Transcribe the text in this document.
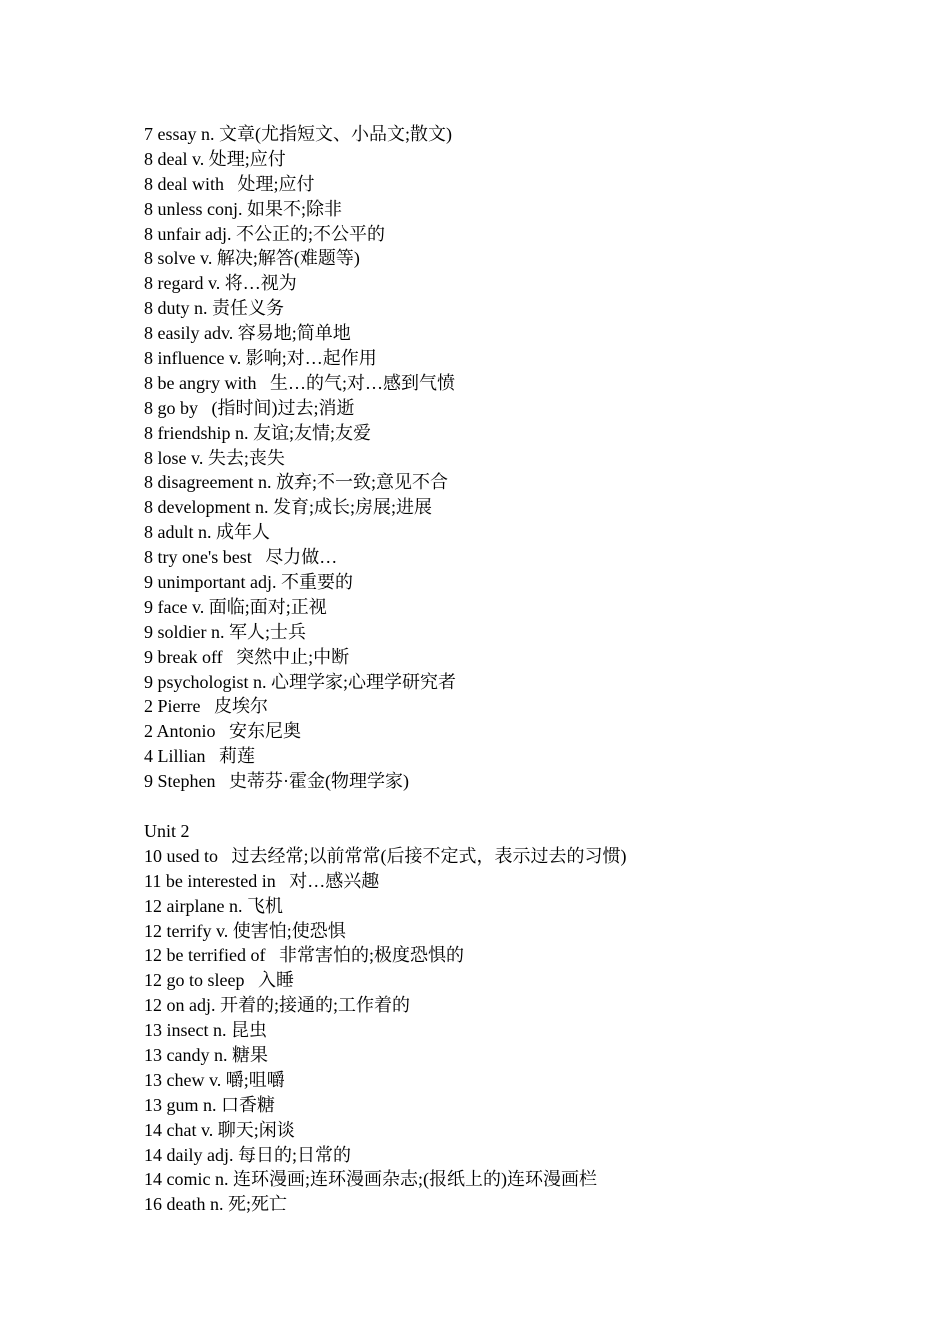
7 essay n. 文章(尤指短文、小品文;散文)
8 deal v. 处理;应付
8 deal with   处理;应付
8 unless conj. 如果不;除非
8 unfair adj. 不公正的;不公平的
8 solve v. 解决;解答(难题等)
8 regard v. 将…视为
8 duty n. 责任义务
8 easily adv. 容易地;简单地
8 influence v. 影响;对…起作用
8 be angry with   生…的气;对…感到气愤
8 go by   (指时间)过去;消逝
8 friendship n. 友谊;友情;友爱
8 lose v. 失去;丧失
8 disagreement n. 放弃;不一致;意见不合
8 development n. 发育;成长;房展;进展
8 adult n. 成年人
8 try one's best   尽力做…
9 unimportant adj. 不重要的
9 face v. 面临;面对;正视
9 soldier n. 军人;士兵
9 break off   突然中止;中断
9 psychologist n. 心理学家;心理学研究者
2 Pierre   皮埃尔
2 Antonio   安东尼奥
4 Lillian   莉莲
9 Stephen   史蒂芬·霍金(物理学家)
Unit 2
10 used to   过去经常;以前常常(后接不定式，表示过去的习惯)
11 be interested in   对…感兴趣
12 airplane n. 飞机
12 terrify v. 使害怕;使恐惧
12 be terrified of   非常害怕的;极度恐惧的
12 go to sleep   入睡
12 on adj. 开着的;接通的;工作着的
13 insect n. 昆虫
13 candy n. 糖果
13 chew v. 嚼;咀嚼
13 gum n. 口香糖
14 chat v. 聊天;闲谈
14 daily adj. 每日的;日常的
14 comic n. 连环漫画;连环漫画杂志;(报纸上的)连环漫画栏
16 death n. 死;死亡
